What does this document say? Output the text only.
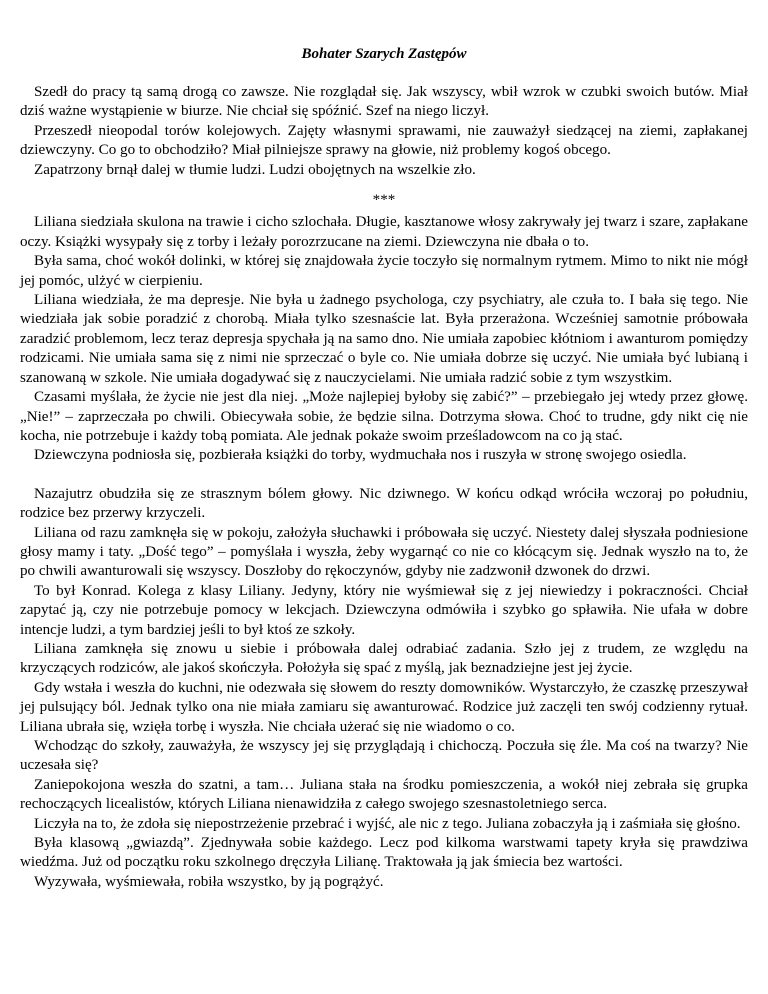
Bohater Szarych Zastępów

Szedł do pracy tą samą drogą co zawsze. Nie rozglądał się. Jak wszyscy, wbił wzrok w czubki swoich butów. Miał dziś ważne wystąpienie w biurze. Nie chciał się spóźnić. Szef na niego liczył.

Przeszedł nieopodal torów kolejowych. Zajęty własnymi sprawami, nie zauważył siedzącej na ziemi, zapłakanej dziewczyny. Co go to obchodziło? Miał pilniejsze sprawy na głowie, niż problemy kogoś obcego.

Zapatrzony brnął dalej w tłumie ludzi. Ludzi obojętnych na wszelkie zło.

***

Liliana siedziała skulona na trawie i cicho szlochała. Długie, kasztanowe włosy zakrywały jej twarz i szare, zapłakane oczy. Książki wysypały się z torby i leżały porozrzucane na ziemi. Dziewczyna nie dbała o to.

Była sama, choć wokół dolinki, w której się znajdowała życie toczyło się normalnym rytmem. Mimo to nikt nie mógł jej pomóc, ulżyć w cierpieniu.

Liliana wiedziała, że ma depresje. Nie była u żadnego psychologa, czy psychiatry, ale czuła to. I bała się tego. Nie wiedziała jak sobie poradzić z chorobą. Miała tylko szesnaście lat. Była przerażona. Wcześniej samotnie próbowała zaradzić problemom, lecz teraz depresja spychała ją na samo dno. Nie umiała zapobiec kłótniom i awanturom pomiędzy rodzicami. Nie umiała sama się z nimi nie sprzeczać o byle co. Nie umiała dobrze się uczyć. Nie umiała być lubianą i szanowaną w szkole. Nie umiała dogadywać się z nauczycielami. Nie umiała radzić sobie z tym wszystkim.

Czasami myślała, że życie nie jest dla niej. „Może najlepiej byłoby się zabić?” – przebiegało jej wtedy przez głowę. „Nie!” – zaprzeczała po chwili. Obiecywała sobie, że będzie silna. Dotrzyma słowa. Choć to trudne, gdy nikt cię nie kocha, nie potrzebuje i każdy tobą pomiata. Ale jednak pokaże swoim prześladowcom na co ją stać.

Dziewczyna podniosła się, pozbierała książki do torby, wydmuchała nos i ruszyła w stronę swojego osiedla.

Nazajutrz obudziła się ze strasznym bólem głowy. Nic dziwnego. W końcu odkąd wróciła wczoraj po południu, rodzice bez przerwy krzyczeli.

Liliana od razu zamknęła się w pokoju, założyła słuchawki i próbowała się uczyć. Niestety dalej słyszała podniesione głosy mamy i taty. „Dość tego” – pomyślała i wyszła, żeby wygarnąć co nie co kłócącym się. Jednak wyszło na to, że po chwili awanturowali się wszyscy. Doszłoby do rękoczynów, gdyby nie zadzwonił dzwonek do drzwi.

To był Konrad. Kolega z klasy Liliany. Jedyny, który nie wyśmiewał się z jej niewiedzy i pokraczności. Chciał zapytać ją, czy nie potrzebuje pomocy w lekcjach. Dziewczyna odmówiła i szybko go spławiła. Nie ufała w dobre intencje ludzi, a tym bardziej jeśli to był ktoś ze szkoły.

Liliana zamknęła się znowu u siebie i próbowała dalej odrabiać zadania. Szło jej z trudem, ze względu na krzyczących rodziców, ale jakoś skończyła. Położyła się spać z myślą, jak beznadziejne jest jej życie.

Gdy wstała i weszła do kuchni, nie odezwała się słowem do reszty domowników. Wystarczyło, że czaszkę przeszywał jej pulsujący ból. Jednak tylko ona nie miała zamiaru się awanturować. Rodzice już zaczęli ten swój codzienny rytuał. Liliana ubrała się, wzięła torbę i wyszła. Nie chciała użerać się nie wiadomo o co.

Wchodząc do szkoły, zauważyła, że wszyscy jej się przyglądają i chichoczą. Poczuła się źle. Ma coś na twarzy? Nie uczesała się?

Zaniepokojona weszła do szatni, a tam… Juliana stała na środku pomieszczenia, a wokół niej zebrała się grupka rechoczących licealistów, których Liliana nienawidziła z całego swojego szesnastoletniego serca.

Liczyła na to, że zdoła się niepostrzeżenie przebrać i wyjść, ale nic z tego. Juliana zobaczyła ją i zaśmiała się głośno.

Była klasową „gwiazdą”. Zjednywała sobie każdego. Lecz pod kilkoma warstwami tapety kryła się prawdziwa wiedźma. Już od początku roku szkolnego dręczyła Lilianę. Traktowała ją jak śmiecia bez wartości.

Wyzywała, wyśmiewała, robiła wszystko, by ją pogrążyć.
